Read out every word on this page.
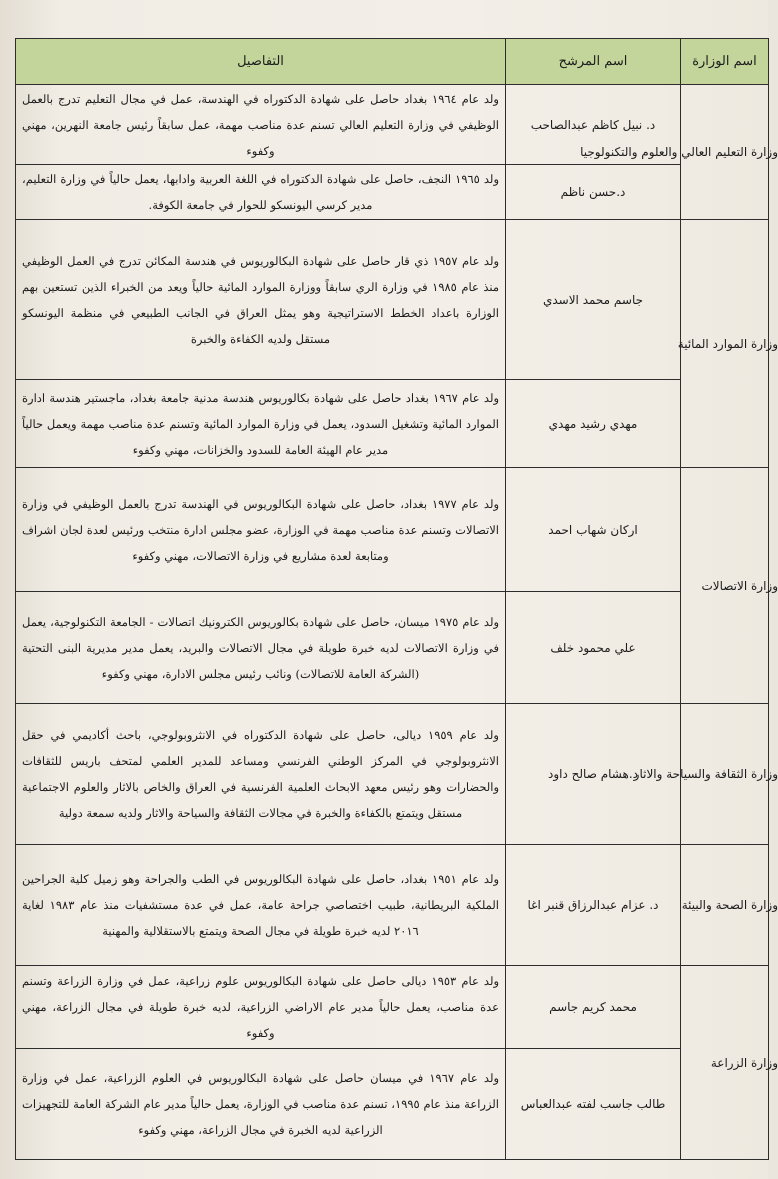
اسم الوزارة	اسم المرشح	التفاصيل

وزارة التعليم العالي والعلوم والتكنولوجيا	د. نبيل كاظم عبدالصاحب	ولد عام ١٩٦٤ بغداد حاصل على شهادة الدكتوراه في الهندسة، عمل في مجال التعليم تدرج بالعمل الوظيفي في وزارة التعليم العالي تسنم عدة مناصب مهمة، عمل سابقاً رئيس جامعة النهرين، مهني وكفوء
	د.حسن ناظم	ولد ١٩٦٥ النجف، حاصل على شهادة الدكتوراه في اللغة العربية وادابها، يعمل حالياً في وزارة التعليم، مدير كرسي اليونسكو للحوار في جامعة الكوفة.

وزارة الموارد المائية	جاسم محمد الاسدي	ولد عام ١٩٥٧ ذي قار حاصل على شهادة البكالوريوس في هندسة المكائن تدرج في العمل الوظيفي منذ عام ١٩٨٥ في وزارة الري سابقاً ووزارة الموارد المائية حالياً ويعد من الخبراء الذين تستعين بهم الوزارة باعداد الخطط الاستراتيجية وهو يمثل العراق في الجانب الطبيعي في منظمة اليونسكو مستقل ولديه الكفاءة والخبرة
	مهدي رشيد مهدي	ولد عام ١٩٦٧ بغداد حاصل على شهادة بكالوريوس هندسة مدنية جامعة بغداد، ماجستير هندسة ادارة الموارد المائية وتشغيل السدود، يعمل في وزارة الموارد المائية وتسنم عدة مناصب مهمة ويعمل حالياً مدير عام الهيئة العامة للسدود والخزانات، مهني وكفوء

وزارة الاتصالات	اركان شهاب احمد	ولد عام ١٩٧٧ بغداد، حاصل على شهادة البكالوريوس في الهندسة تدرج بالعمل الوظيفي في وزارة الاتصالات وتسنم عدة مناصب مهمة في الوزارة، عضو مجلس ادارة منتخب ورئيس لعدة لجان اشراف ومتابعة لعدة مشاريع في وزارة الاتصالات، مهني وكفوء
	علي محمود خلف	ولد عام ١٩٧٥ ميسان، حاصل على شهادة بكالوريوس الكترونيك اتصالات - الجامعة التكنولوجية، يعمل في وزارة الاتصالات لديه خبرة طويلة في مجال الاتصالات والبريد، يعمل مدير مديرية البنى التحتية (الشركة العامة للاتصالات) ونائب رئيس مجلس الادارة، مهني وكفوء

وزارة الثقافة والسياحة والاثار	د.هشام صالح داود	ولد عام ١٩٥٩ ديالى، حاصل على شهادة الدكتوراه في الانثروبولوجي، باحث أكاديمي في حقل الانثروبولوجي في المركز الوطني الفرنسي ومساعد للمدير العلمي لمتحف باريس للثقافات والحضارات وهو رئيس معهد الابحاث العلمية الفرنسية في العراق والخاص بالاثار والعلوم الاجتماعية مستقل ويتمتع بالكفاءة والخبرة في مجالات الثقافة والسياحة والاثار ولديه سمعة دولية

وزارة الصحة والبيئة	د. عزام عبدالرزاق قنبر اغا	ولد عام ١٩٥١ بغداد، حاصل على شهادة البكالوريوس في الطب والجراحة وهو زميل كلية الجراحين الملكية البريطانية، طبيب اختصاصي جراحة عامة، عمل في عدة مستشفيات منذ عام ١٩٨٣ لغاية ٢٠١٦ لديه خبرة طويلة في مجال الصحة ويتمتع بالاستقلالية والمهنية

وزارة الزراعة	محمد كريم جاسم	ولد عام ١٩٥٣ ديالى حاصل على شهادة البكالوريوس علوم زراعية، عمل في وزارة الزراعة وتسنم عدة مناصب، يعمل حالياً مدير عام الاراضي الزراعية، لديه خبرة طويلة في مجال الزراعة، مهني وكفوء
	طالب جاسب لفته عبدالعباس	ولد عام ١٩٦٧ في ميسان حاصل على شهادة البكالوريوس في العلوم الزراعية، عمل في وزارة الزراعة منذ عام ١٩٩٥، تسنم عدة مناصب في الوزارة، يعمل حالياً مدير عام الشركة العامة للتجهيزات الزراعية لديه الخبرة في مجال الزراعة، مهني وكفوء
